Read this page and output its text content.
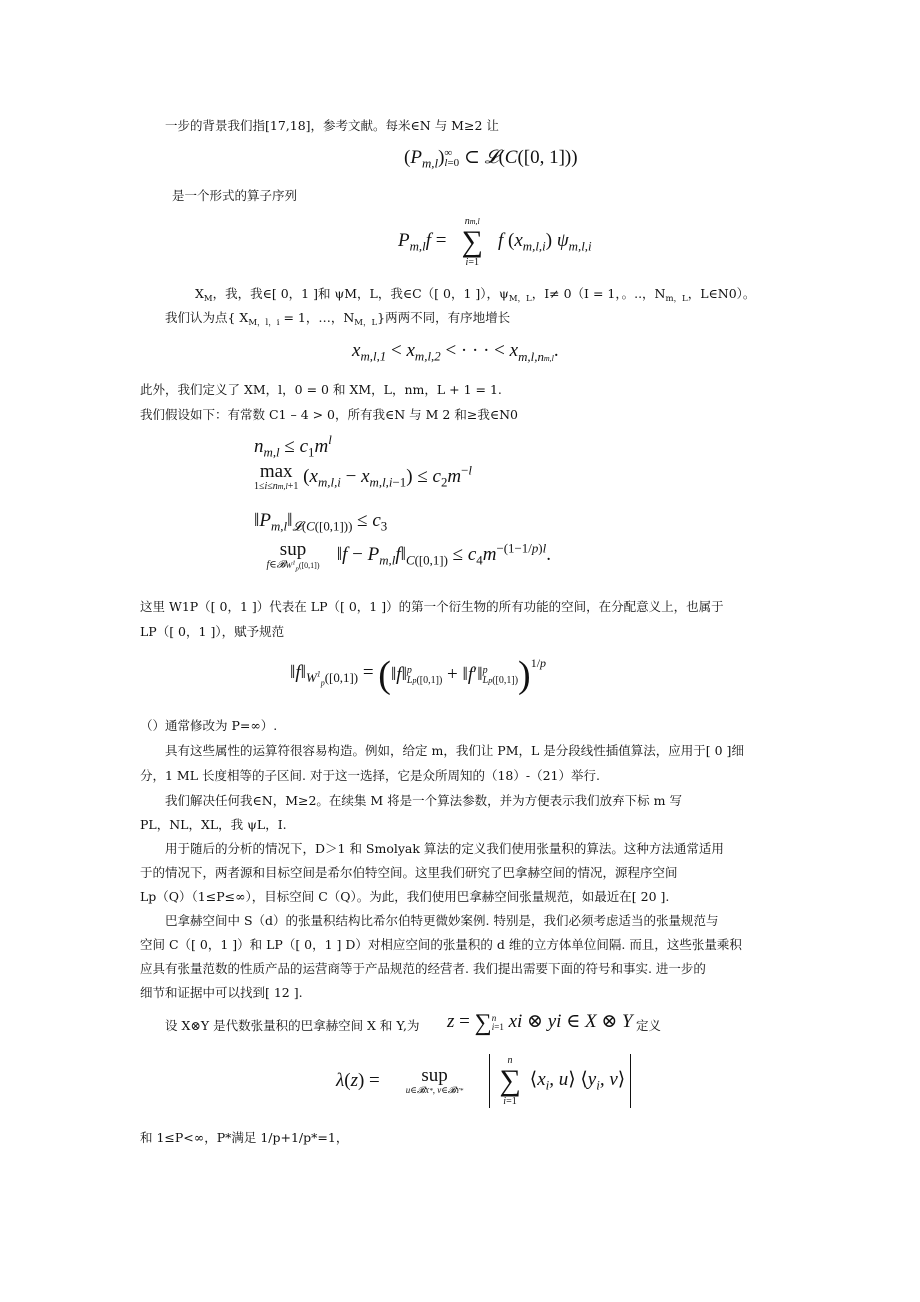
一步的背景我们指[17,18]，参考文献。每米∈N 与 M≥2 让
$(P_{m,l})$ ∞
l=0 ⊂ 𝓛(C([0, 1]))
是一个形式的算子序列
$P_{m,l}f$ =
nm,l
∑
i=1
f $(x_{m,l,i})$ $\psi_{m,l,i}$
$X_M$，我，我∈[ 0，1 ]和 ψM，L，我∈C（[ 0，1 ]），$\psi_{M,L}$，I≠ 0（I = 1，。..，$N_{m,L}$，L∈N0）。
我们认为点{ $X_{M,l,i} = 1$，…，$N_{M,L}$}两两不同，有序地增长
$x_{m,l,1} < x_{m,l,2}$ < · · · < $x_{m,l,nm,l}$.
此外，我们定义了 XM，l，0 = 0 和 XM，L，nm，L + 1 = 1.
我们假设如下：有常数 C1 – 4 > 0，所有我∈N 与 M 2 和≥我∈N0
$n_{m,l} \le c_1m^l$
max
1≤i≤nm,l+1 $(x_{m,l,i} - x_{m,l,i-1}) \le c_2m^{-l}$
$‖P_{m,l}‖_{𝓛(C([0,1]))} \le c_3$
sup
f∈𝓑W$^1_p$([0,1])
‖f − $P_{m,l}f‖_{C([0,1])} \le c_4m^{-(1-1/p)l}$.
这里 W1P（[ 0，1 ]）代表在 LP（[ 0，1 ]）的第一个衍生物的所有功能的空间，在分配意义上，也属于
LP（[ 0，1 ]），赋予规范
$‖f‖_{W^1_p([0,1])}$ = (‖f‖ p
Lp([0,1]) + ‖f′‖ p
Lp([0,1]) )$^{1/p}$
（）通常修改为 P=∞）.
具有这些属性的运算符很容易构造。例如，给定 m，我们让 PM，L 是分段线性插值算法，应用于[ 0 ]细
分，1 ML 长度相等的子区间. 对于这一选择，它是众所周知的（18）-（21）举行.
我们解决任何我∈N，M≥2。在续集 M 将是一个算法参数，并为方便表示我们放弃下标 m 写
PL，NL，XL，我 ψL，I.
用于随后的分析的情况下，D＞1 和 Smolyak 算法的定义我们使用张量积的算法。这种方法通常适用
于的情况下，两者源和目标空间是希尔伯特空间。这里我们研究了巴拿赫空间的情况，源程序空间
Lp（Q）（1≤P≤∞），目标空间 C（Q）。为此，我们使用巴拿赫空间张量规范，如最近在[ 20 ].
巴拿赫空间中 S（d）的张量积结构比希尔伯特更微妙案例. 特别是，我们必须考虑适当的张量规范与
空间 C（[ 0，1 ]）和 LP（[ 0，1 ] D）对相应空间的张量积的 d 维的立方体单位间隔. 而且，这些张量乘积
应具有张量范数的性质产品的运营商等于产品规范的经营者. 我们提出需要下面的符号和事实. 进一步的
细节和证据中可以找到[ 12 ].
设 X⊗Y 是代数张量积的巴拿赫空间 X 和 Y,为 z = ∑ n
i=1 xi ⊗ yi ∈ X ⊗ Y 定义
λ(z) =	sup
u∈𝓑X*, v∈𝓑Y*

n
∑
i=1
$⟨x_i$, u⟩ $⟨y_i$, v⟩
和 1≤P<∞，P*满足 1/p+1/p*=1，
